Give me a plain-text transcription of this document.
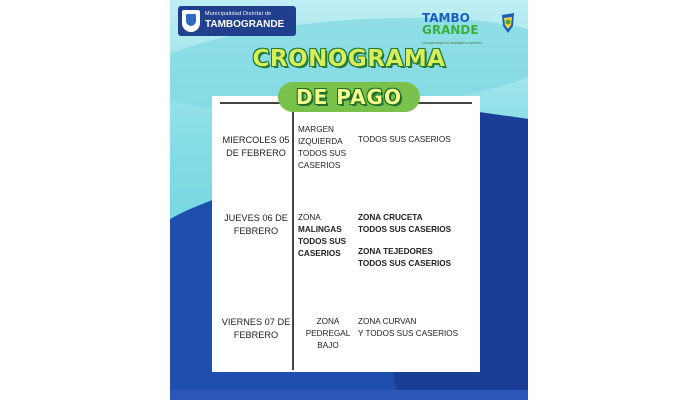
Municipalidad Distrital de
TAMBOGRANDE	TAMBO
GRANDE
recuperando el verdadero sentido
CRONOGRAMA
MIERCOLES 05
DE FEBRERO
MARGEN
IZQUIERDA
TODOS SUS
CASERIOS
TODOS SUS CASERIOS
JUEVES 06 DE
FEBRERO
ZONA
MALINGAS
TODOS SUS
CASERIOS
ZONA CRUCETA
TODOS SUS CASERIOS
ZONA TEJEDORES
TODOS SUS CASERIOS
VIERNES 07 DE
FEBRERO
ZONA
PEDREGAL
BAJO
ZONA CURVAN
Y TODOS SUS CASERIOS
DE PAGO
